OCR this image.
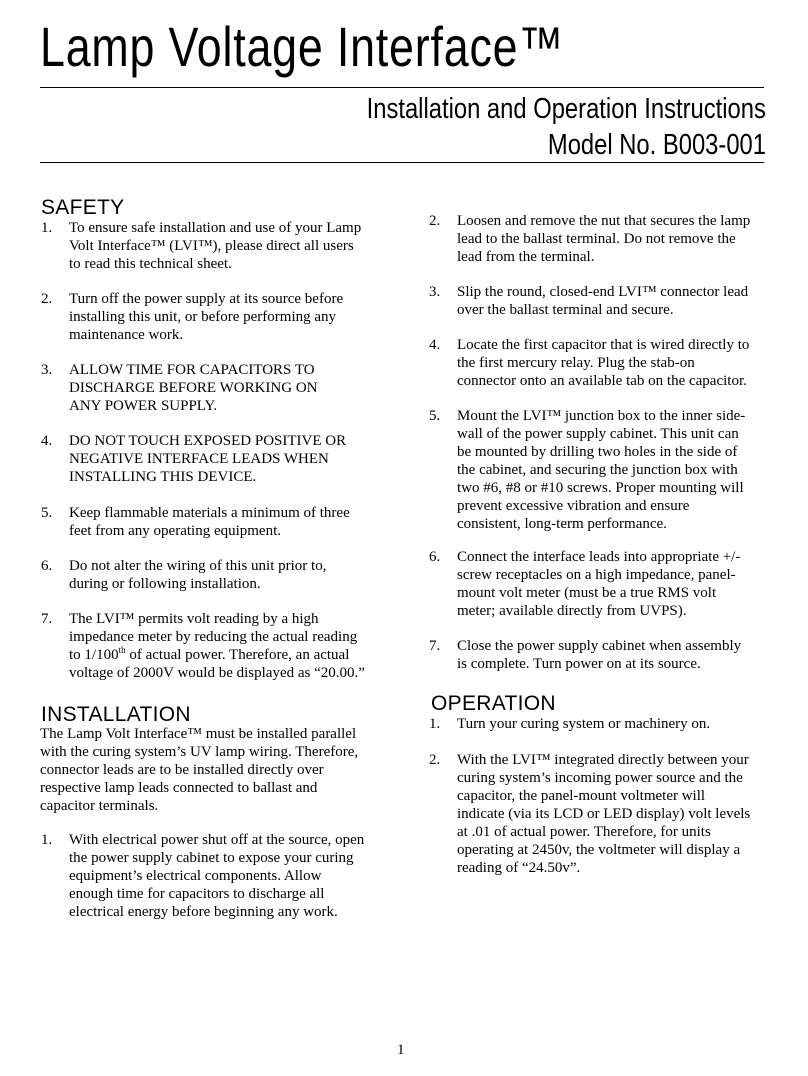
Lamp Voltage Interface™
Installation and Operation Instructions
Model No. B003-001
SAFETY
1. To ensure safe installation and use of your Lamp
Volt Interface™ (LVI™), please direct all users
to read this technical sheet.
2. Turn off the power supply at its source before
installing this unit, or before performing any
maintenance work.
3. ALLOW TIME FOR CAPACITORS TO
DISCHARGE BEFORE WORKING ON
ANY POWER SUPPLY.
4. DO NOT TOUCH EXPOSED POSITIVE OR
NEGATIVE INTERFACE LEADS WHEN
INSTALLING THIS DEVICE.
5. Keep flammable materials a minimum of three
feet from any operating equipment.
6. Do not alter the wiring of this unit prior to,
during or following installation.
7. The LVI™ permits volt reading by a high
impedance meter by reducing the actual reading
to 1/100th of actual power. Therefore, an actual
voltage of 2000V would be displayed as “20.00.”
INSTALLATION
The Lamp Volt Interface™ must be installed parallel
with the curing system’s UV lamp wiring. Therefore,
connector leads are to be installed directly over
respective lamp leads connected to ballast and
capacitor terminals.
1. With electrical power shut off at the source, open
the power supply cabinet to expose your curing
equipment’s electrical components. Allow
enough time for capacitors to discharge all
electrical energy before beginning any work.
2. Loosen and remove the nut that secures the lamp
lead to the ballast terminal. Do not remove the
lead from the terminal.
3. Slip the round, closed-end LVI™ connector lead
over the ballast terminal and secure.
4. Locate the first capacitor that is wired directly to
the first mercury relay. Plug the stab-on
connector onto an available tab on the capacitor.
5. Mount the LVI™ junction box to the inner side-
wall of the power supply cabinet. This unit can
be mounted by drilling two holes in the side of
the cabinet, and securing the junction box with
two #6, #8 or #10 screws. Proper mounting will
prevent excessive vibration and ensure
consistent, long-term performance.
6. Connect the interface leads into appropriate +/-
screw receptacles on a high impedance, panel-
mount volt meter (must be a true RMS volt
meter; available directly from UVPS).
7. Close the power supply cabinet when assembly
is complete. Turn power on at its source.
OPERATION
1. Turn your curing system or machinery on.
2. With the LVI™ integrated directly between your
curing system’s incoming power source and the
capacitor, the panel-mount voltmeter will
indicate (via its LCD or LED display) volt levels
at .01 of actual power. Therefore, for units
operating at 2450v, the voltmeter will display a
reading of “24.50v”.
1
